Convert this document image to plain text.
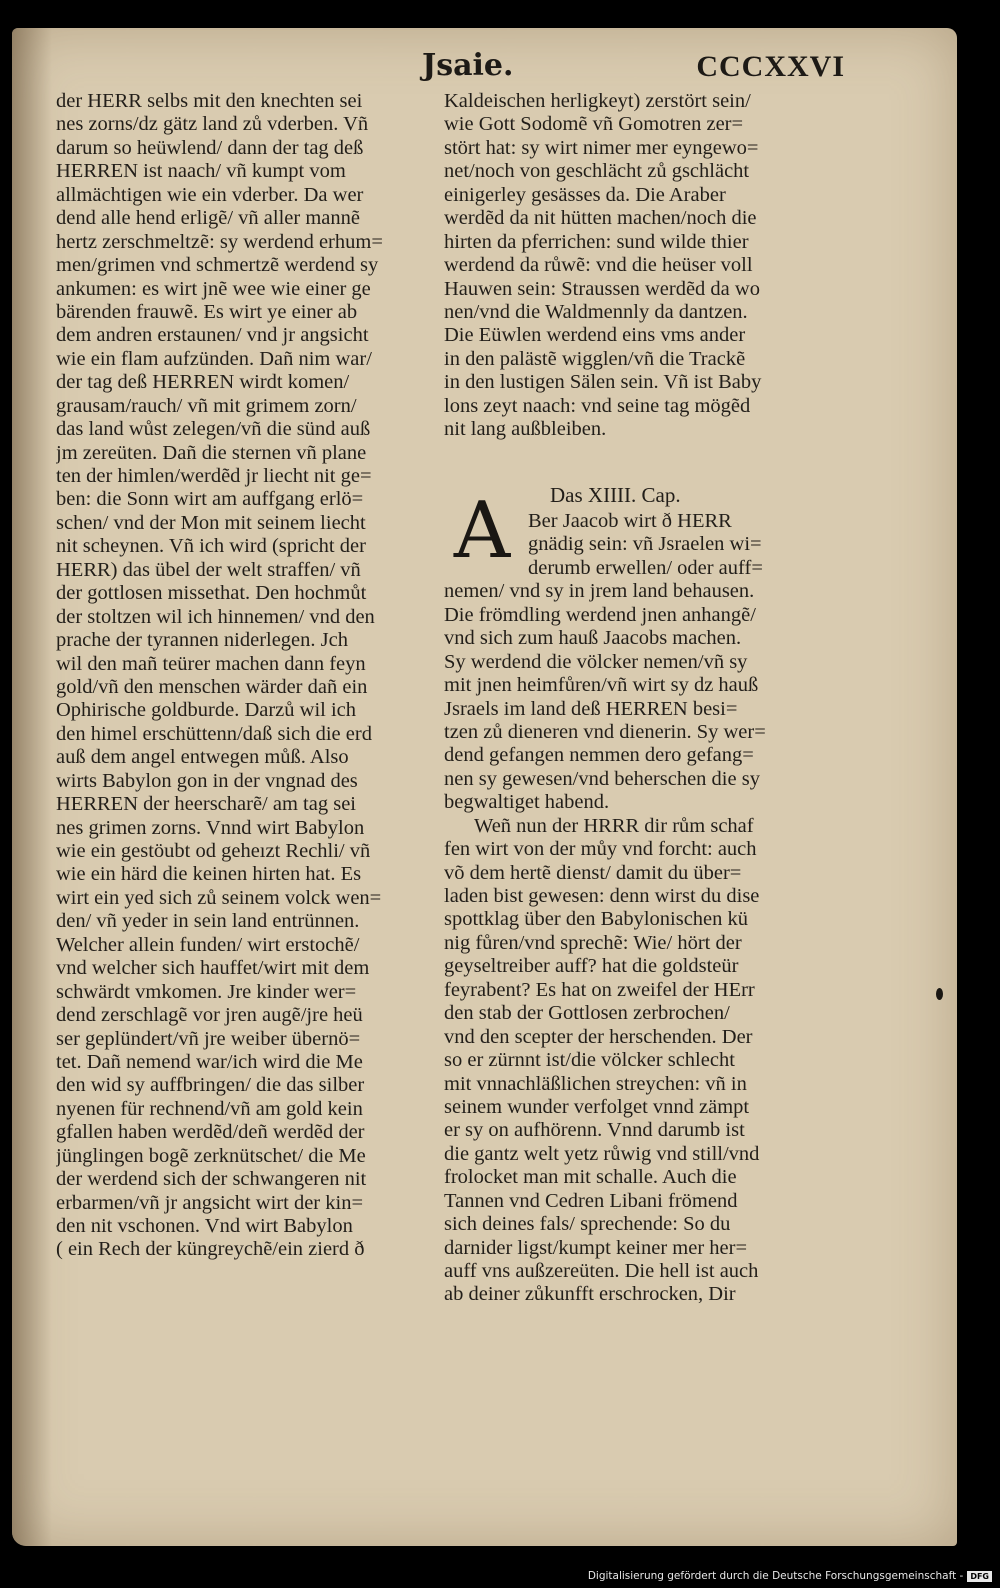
Jsaie.	CCCXXVI
der HERR selbs mit den knechten sei
nes zorns/dz gätz land zů vderben. Vñ
darum so heüwlend/ dann der tag deß
HERREN ist naach/ vñ kumpt vom
allmächtigen wie ein vderber. Da wer
dend alle hend erligẽ/ vñ aller mannẽ
hertz zerschmeltzẽ: sy werdend erhum=
men/grimen vnd schmertzẽ werdend sy
ankumen: es wirt jnẽ wee wie einer ge
bärenden frauwẽ. Es wirt ye einer ab
dem andren erstaunen/ vnd jr angsicht
wie ein flam aufzünden. Dañ nim war/
der tag deß HERREN wirdt komen/
grausam/rauch/ vñ mit grimem zorn/
das land wůst zelegen/vñ die sünd auß
jm zereüten. Dañ die sternen vñ plane
ten der himlen/werdẽd jr liecht nit ge=
ben: die Sonn wirt am auffgang erlö=
schen/ vnd der Mon mit seinem liecht
nit scheynen. Vñ ich wird (spricht der
HERR) das übel der welt straffen/ vñ
der gottlosen missethat. Den hochmůt
der stoltzen wil ich hinnemen/ vnd den
prache der tyrannen niderlegen. Jch
wil den mañ teürer machen dann feyn
gold/vñ den menschen wärder dañ ein
Ophirische goldburde. Darzů wil ich
den himel erschüttenn/daß sich die erd
auß dem angel entwegen můß. Also
wirts Babylon gon in der vngnad des
HERREN der heerscharẽ/ am tag sei
nes grimen zorns. Vnnd wirt Babylon
wie ein gestöubt od geheızt Rechli/ vñ
wie ein härd die keinen hirten hat. Es
wirt ein yed sich zů seinem volck wen=
den/ vñ yeder in sein land entrünnen.
Welcher allein funden/ wirt erstochẽ/
vnd welcher sich hauffet/wirt mit dem
schwärdt vmkomen. Jre kinder wer=
dend zerschlagẽ vor jren augẽ/jre heü
ser geplündert/vñ jre weiber übernö=
tet. Dañ nemend war/ich wird die Me
den wid sy auffbringen/ die das silber
nyenen für rechnend/vñ am gold kein
gfallen haben werdẽd/deñ werdẽd der
jünglingen bogẽ zerknütschet/ die Me
der werdend sich der schwangeren nit
erbarmen/vñ jr angsicht wirt der kin=
den nit vschonen. Vnd wirt Babylon
( ein Rech der küngreychẽ/ein zierd ð
Kaldeischen herligkeyt) zerstört sein/
wie Gott Sodomẽ vñ Gomotren zer=
stört hat: sy wirt nimer mer eyngewo=
net/noch von geschlächt zů gschlächt
einigerley gesässes da. Die Araber
werdẽd da nit hütten machen/noch die
hirten da pferrichen: sund wilde thier
werdend da růwẽ: vnd die heüser voll
Hauwen sein: Straussen werdẽd da wo
nen/vnd die Waldmennly da dantzen.
Die Eüwlen werdend eins vms ander
in den palästẽ wigglen/vñ die Trackẽ
in den lustigen Sälen sein. Vñ ist Baby
lons zeyt naach: vnd seine tag mögẽd
nit lang außbleiben.
Das XIIII. Cap.
A Ber Jaacob wirt ð HERR
gnädig sein: vñ Jsraelen wi=
derumb erwellen/ oder auff=
nemen/ vnd sy in jrem land behausen.
Die frömdling werdend jnen anhangẽ/
vnd sich zum hauß Jaacobs machen.
Sy werdend die völcker nemen/vñ sy
mit jnen heimfůren/vñ wirt sy dz hauß
Jsraels im land deß HERREN besi=
tzen zů dieneren vnd dienerin. Sy wer=
dend gefangen nemmen dero gefang=
nen sy gewesen/vnd beherschen die sy
begwaltiget habend.
Weñ nun der HRRR dir rům schaf
fen wirt von der můy vnd forcht: auch
võ dem hertẽ dienst/ damit du über=
laden bist gewesen: denn wirst du dise
spottklag über den Babylonischen kü
nig fůren/vnd sprechẽ: Wie/ hört der
geyseltreiber auff? hat die goldsteür
feyrabent? Es hat on zweifel der HErr
den stab der Gottlosen zerbrochen/
vnd den scepter der herschenden. Der
so er zürnnt ist/die völcker schlecht
mit vnnachläßlichen streychen: vñ in
seinem wunder verfolget vnnd zämpt
er sy on aufhörenn. Vnnd darumb ist
die gantz welt yetz růwig vnd still/vnd
frolocket man mit schalle. Auch die
Tannen vnd Cedren Libani frömend
sich deines fals/ sprechende: So du
darnider ligst/kumpt keiner mer her=
auff vns außzereüten. Die hell ist auch
ab deiner zůkunfft erschrocken, Dir
Digitalisierung gefördert durch die Deutsche Forschungsgemeinschaft - DFG
